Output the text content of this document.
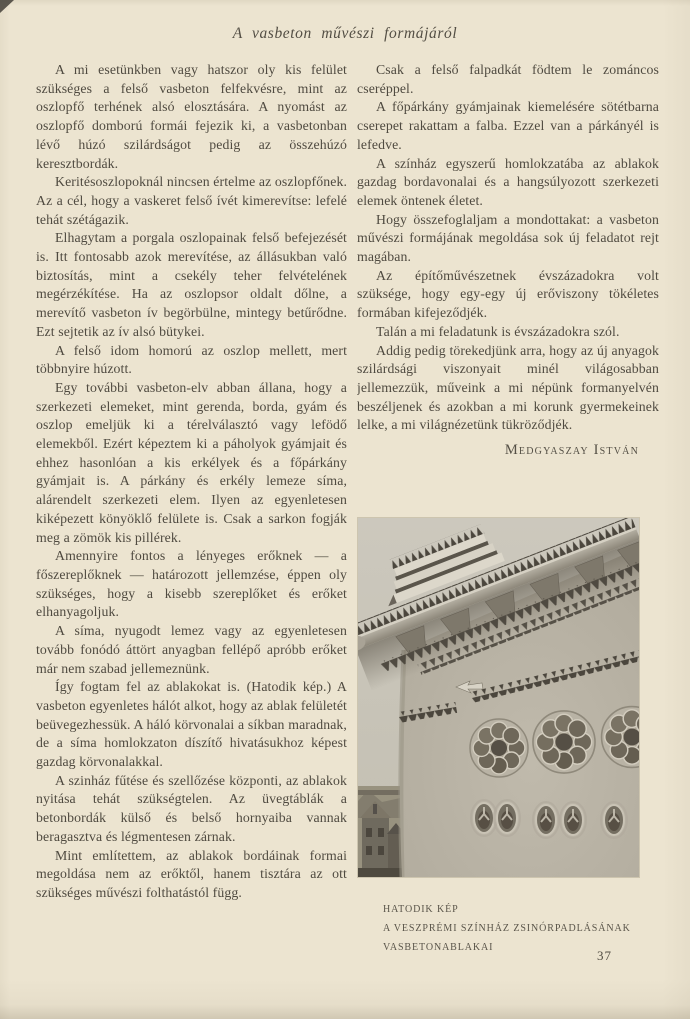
A vasbeton művészi formájáról

A mi esetünkben vagy hatszor oly kis felület szükséges a felső vasbeton felfekvésre, mint az oszlopfő terhének alsó elosztására. A nyomást az oszlopfő domború formái fejezik ki, a vasbetonban lévő húzó szilárdságot pedig az összehúzó keresztbordák.

Keritésoszlopoknál nincsen értelme az oszlopfőnek. Az a cél, hogy a vaskeret felső ívét kimerevítse: lefelé tehát szétágazik.

Elhagytam a porgala oszlopainak felső befejezését is. Itt fontosabb azok merevítése, az állásukban való biztosítás, mint a csekély teher felvételének megérzékítése. Ha az oszlopsor oldalt dőlne, a merevítő vasbeton ív begörbülne, mintegy betűrődne. Ezt sejtetik az ív alsó bütykei.

A felső idom homorú az oszlop mellett, mert többnyire húzott.

Egy további vasbeton-elv abban állana, hogy a szerkezeti elemeket, mint gerenda, borda, gyám és oszlop emeljük ki a térelválasztó vagy lefödő elemekből. Ezért képeztem ki a páholyok gyámjait és ehhez hasonlóan a kis erkélyek és a főpárkány gyámjait is. A párkány és erkély lemeze síma, alárendelt szerkezeti elem. Ilyen az egyenletesen kiképezett könyöklő felülete is. Csak a sarkon fogják meg a zömök kis pillérek.

Amennyire fontos a lényeges erőknek — a főszereplőknek — határozott jellemzése, éppen oly szükséges, hogy a kisebb szereplőket és erőket elhanyagoljuk.

A síma, nyugodt lemez vagy az egyenletesen tovább fonódó áttört anyagban fellépő apróbb erőket már nem szabad jellemeznünk.

Így fogtam fel az ablakokat is. (Hatodik kép.) A vasbeton egyenletes hálót alkot, hogy az ablak felületét beüvegezhessük. A háló körvonalai a síkban maradnak, de a síma homlokzaton díszítő hivatásukhoz képest gazdag körvonalakkal.

A szinház fűtése és szellőzése központi, az ablakok nyitása tehát szükségtelen. Az üvegtáblák a betonbordák külső és belső hornyaiba vannak beragasztva és légmentesen zárnak.

Mint említettem, az ablakok bordáinak formai megoldása nem az erőktől, hanem tisztára az ott szükséges művészi folthatástól függ.

Csak a felső falpadkát födtem le zománcos cseréppel.

A főpárkány gyámjainak kiemelésére sötétbarna cserepet rakattam a falba. Ezzel van a párkányél is lefedve.

A színház egyszerű homlokzatába az ablakok gazdag bordavonalai és a hangsúlyozott szerkezeti elemek öntenek életet.

Hogy összefoglaljam a mondottakat: a vasbeton művészi formájának megoldása sok új feladatot rejt magában.

Az építőművészetnek évszázadokra volt szüksége, hogy egy-egy új erőviszony tökéletes formában kifejeződjék.

Talán a mi feladatunk is évszázadokra szól.

Addig pedig törekedjünk arra, hogy az új anyagok szilárdsági viszonyait minél világosabban jellemezzük, műveink a mi népünk formanyelvén beszéljenek és azokban a mi korunk gyermekeinek lelke, a mi világnézetünk tükröződjék.

Medgyaszay István
HATODIK KÉP
A VESZPRÉMI SZÍNHÁZ ZSINÓRPADLÁSÁNAK
VASBETONABLAKAI
37
